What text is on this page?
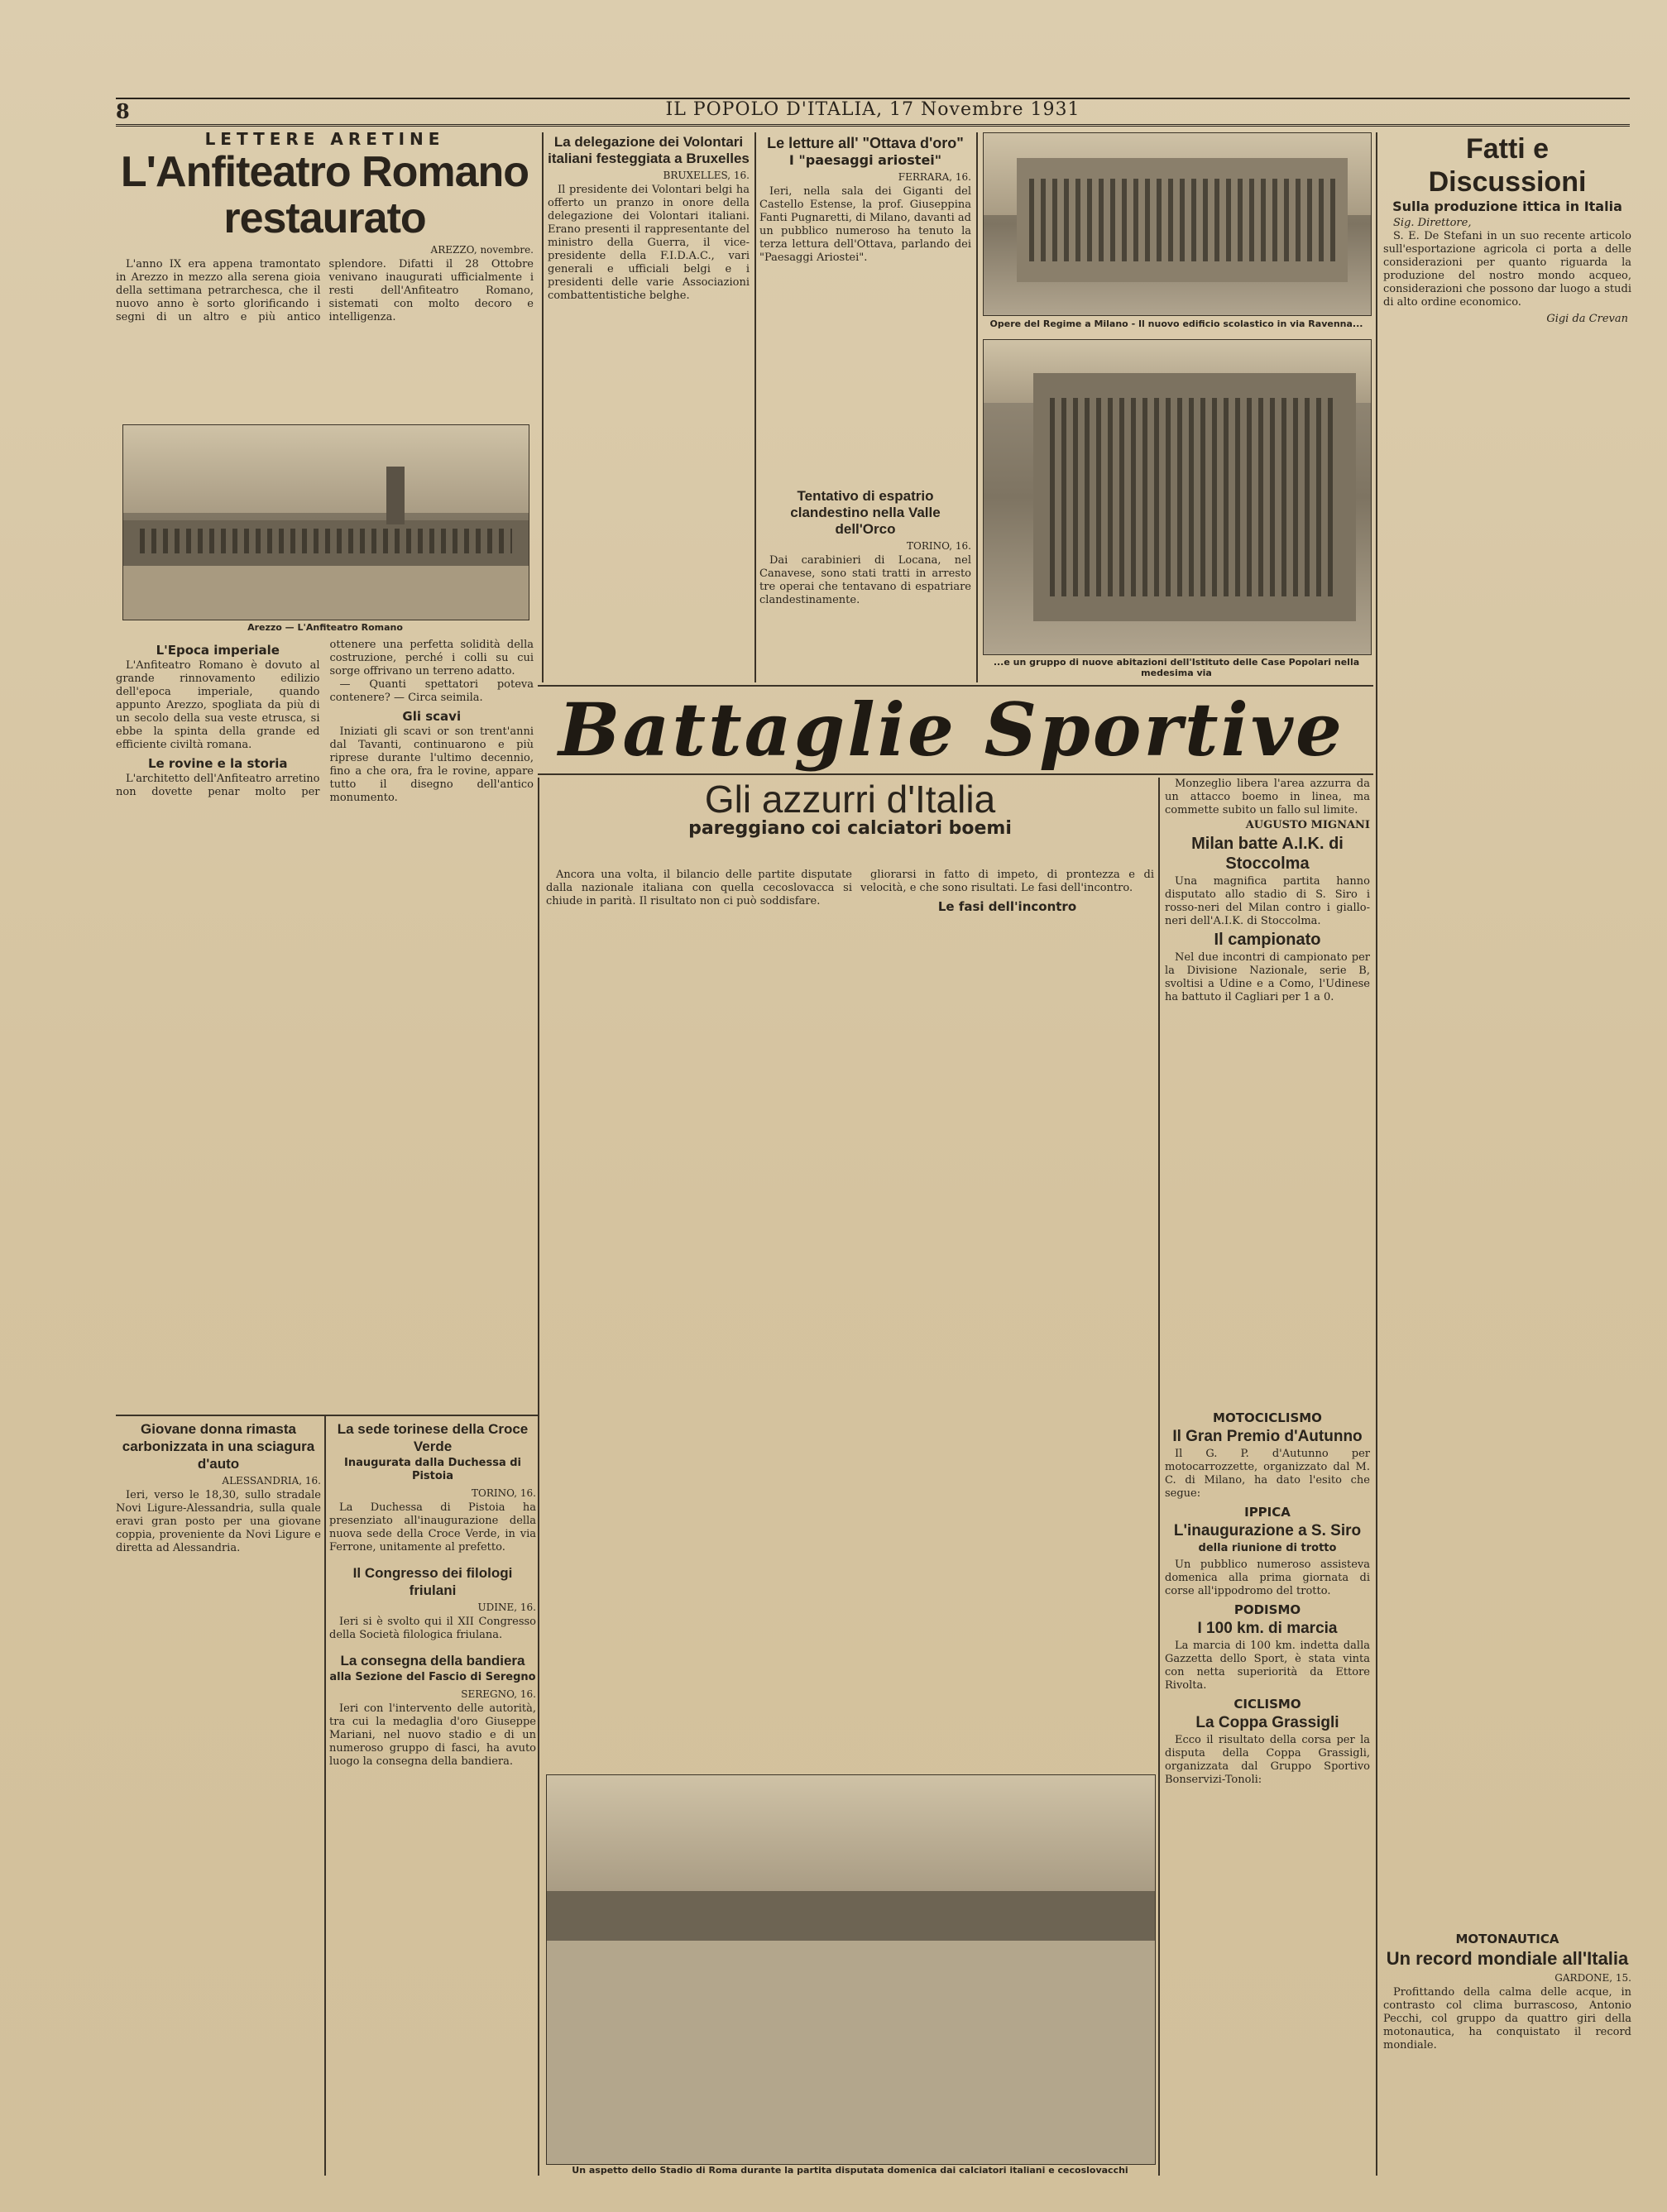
8	IL POPOLO D'ITALIA, 17 Novembre 1931
LETTERE ARETINE
L'Anfiteatro Romano restaurato
AREZZO, novembre.

L'anno IX era appena tramontato in Arezzo in mezzo alla serena gioia della settimana petrarchesca, che il nuovo anno è sorto glorificando i segni di un altro e più antico splendore. Difatti il 28 Ottobre venivano inaugurati ufficialmente i resti dell'Anfiteatro Romano, sistemati con molto decoro e intelligenza.

Arezzo — L'Anfiteatro Romano
L'Epoca imperiale

L'Anfiteatro Romano è dovuto al grande rinnovamento edilizio dell'epoca imperiale, quando appunto Arezzo, spogliata da più di un secolo della sua veste etrusca, si ebbe la spinta della grande ed efficiente civiltà romana.

Le rovine e la storia

L'architetto dell'Anfiteatro arretino non dovette penar molto per ottenere una perfetta solidità della costruzione, perché i colli su cui sorge offrivano un terreno adatto.

— Quanti spettatori poteva contenere? — Circa seimila.

Gli scavi

Iniziati gli scavi or son trent'anni dal Tavanti, continuarono e più riprese durante l'ultimo decennio, fino a che ora, fra le rovine, appare tutto il disegno dell'antico monumento.

La delegazione dei Volontari italiani festeggiata a Bruxelles
BRUXELLES, 16.

Il presidente dei Volontari belgi ha offerto un pranzo in onore della delegazione dei Volontari italiani. Erano presenti il rappresentante del ministro della Guerra, il vice-presidente della F.I.D.A.C., vari generali e ufficiali belgi e i presidenti delle varie Associazioni combattentistiche belghe.

Le letture all' "Ottava d'oro"
I "paesaggi ariostei"
FERRARA, 16.

Ieri, nella sala dei Giganti del Castello Estense, la prof. Giuseppina Fanti Pugnaretti, di Milano, davanti ad un pubblico numeroso ha tenuto la terza lettura dell'Ottava, parlando dei "Paesaggi Ariostei".

Tentativo di espatrio clandestino nella Valle dell'Orco
TORINO, 16.

Dai carabinieri di Locana, nel Canavese, sono stati tratti in arresto tre operai che tentavano di espatriare clandestinamente.

Opere del Regime a Milano - Il nuovo edificio scolastico in via Ravenna...
...e un gruppo di nuove abitazioni dell'Istituto delle Case Popolari nella medesima via
Fatti e Discussioni
Sulla produzione ittica in Italia

Sig. Direttore,

S. E. De Stefani in un suo recente articolo sull'esportazione agricola ci porta a delle considerazioni per quanto riguarda la produzione del nostro mondo acqueo, considerazioni che possono dar luogo a studi di alto ordine economico.

Gigi da Crevan
MOTONAUTICA
Un record mondiale all'Italia
GARDONE, 15.

Profittando della calma delle acque, in contrasto col clima burrascoso, Antonio Pecchi, col gruppo da quattro giri della motonautica, ha conquistato il record mondiale.

Battaglie Sportive
Gli azzurri d'Italia
pareggiano coi calciatori boemi

Ancora una volta, il bilancio delle partite disputate dalla nazionale italiana con quella cecoslovacca si chiude in parità. Il risultato non ci può soddisfare.

gliorarsi in fatto di impeto, di prontezza e di velocità, e che sono risultati. Le fasi dell'incontro.

Le fasi dell'incontro

Monzeglio libera l'area azzurra da un attacco boemo in linea, ma commette subito un fallo sul limite.

AUGUSTO MIGNANI
Milan batte A.I.K. di Stoccolma

Una magnifica partita hanno disputato allo stadio di S. Siro i rosso-neri del Milan contro i giallo-neri dell'A.I.K. di Stoccolma.

Il campionato

Nel due incontri di campionato per la Divisione Nazionale, serie B, svoltisi a Udine e a Como, l'Udinese ha battuto il Cagliari per 1 a 0.

Un aspetto dello Stadio di Roma durante la partita disputata domenica dai calciatori italiani e cecoslovacchi
Giovane donna rimasta carbonizzata in una sciagura d'auto
ALESSANDRIA, 16.

Ieri, verso le 18,30, sullo stradale Novi Ligure-Alessandria, sulla quale eravi gran posto per una giovane coppia, proveniente da Novi Ligure e diretta ad Alessandria.

La sede torinese della Croce Verde
Inaugurata dalla Duchessa di Pistoia
TORINO, 16.

La Duchessa di Pistoia ha presenziato all'inaugurazione della nuova sede della Croce Verde, in via Ferrone, unitamente al prefetto.

Il Congresso dei filologi friulani
UDINE, 16.

Ieri si è svolto qui il XII Congresso della Società filologica friulana.

La consegna della bandiera
alla Sezione del Fascio di Seregno
SEREGNO, 16.

Ieri con l'intervento delle autorità, tra cui la medaglia d'oro Giuseppe Mariani, nel nuovo stadio e di un numeroso gruppo di fasci, ha avuto luogo la consegna della bandiera.

MOTOCICLISMO
Il Gran Premio d'Autunno

Il G. P. d'Autunno per motocarrozzette, organizzato dal M. C. di Milano, ha dato l'esito che segue:

IPPICA
L'inaugurazione a S. Siro
della riunione di trotto

Un pubblico numeroso assisteva domenica alla prima giornata di corse all'ippodromo del trotto.

PODISMO
I 100 km. di marcia

La marcia di 100 km. indetta dalla Gazzetta dello Sport, è stata vinta con netta superiorità da Ettore Rivolta.

CICLISMO
La Coppa Grassigli

Ecco il risultato della corsa per la disputa della Coppa Grassigli, organizzata dal Gruppo Sportivo Bonservizi-Tonoli:
